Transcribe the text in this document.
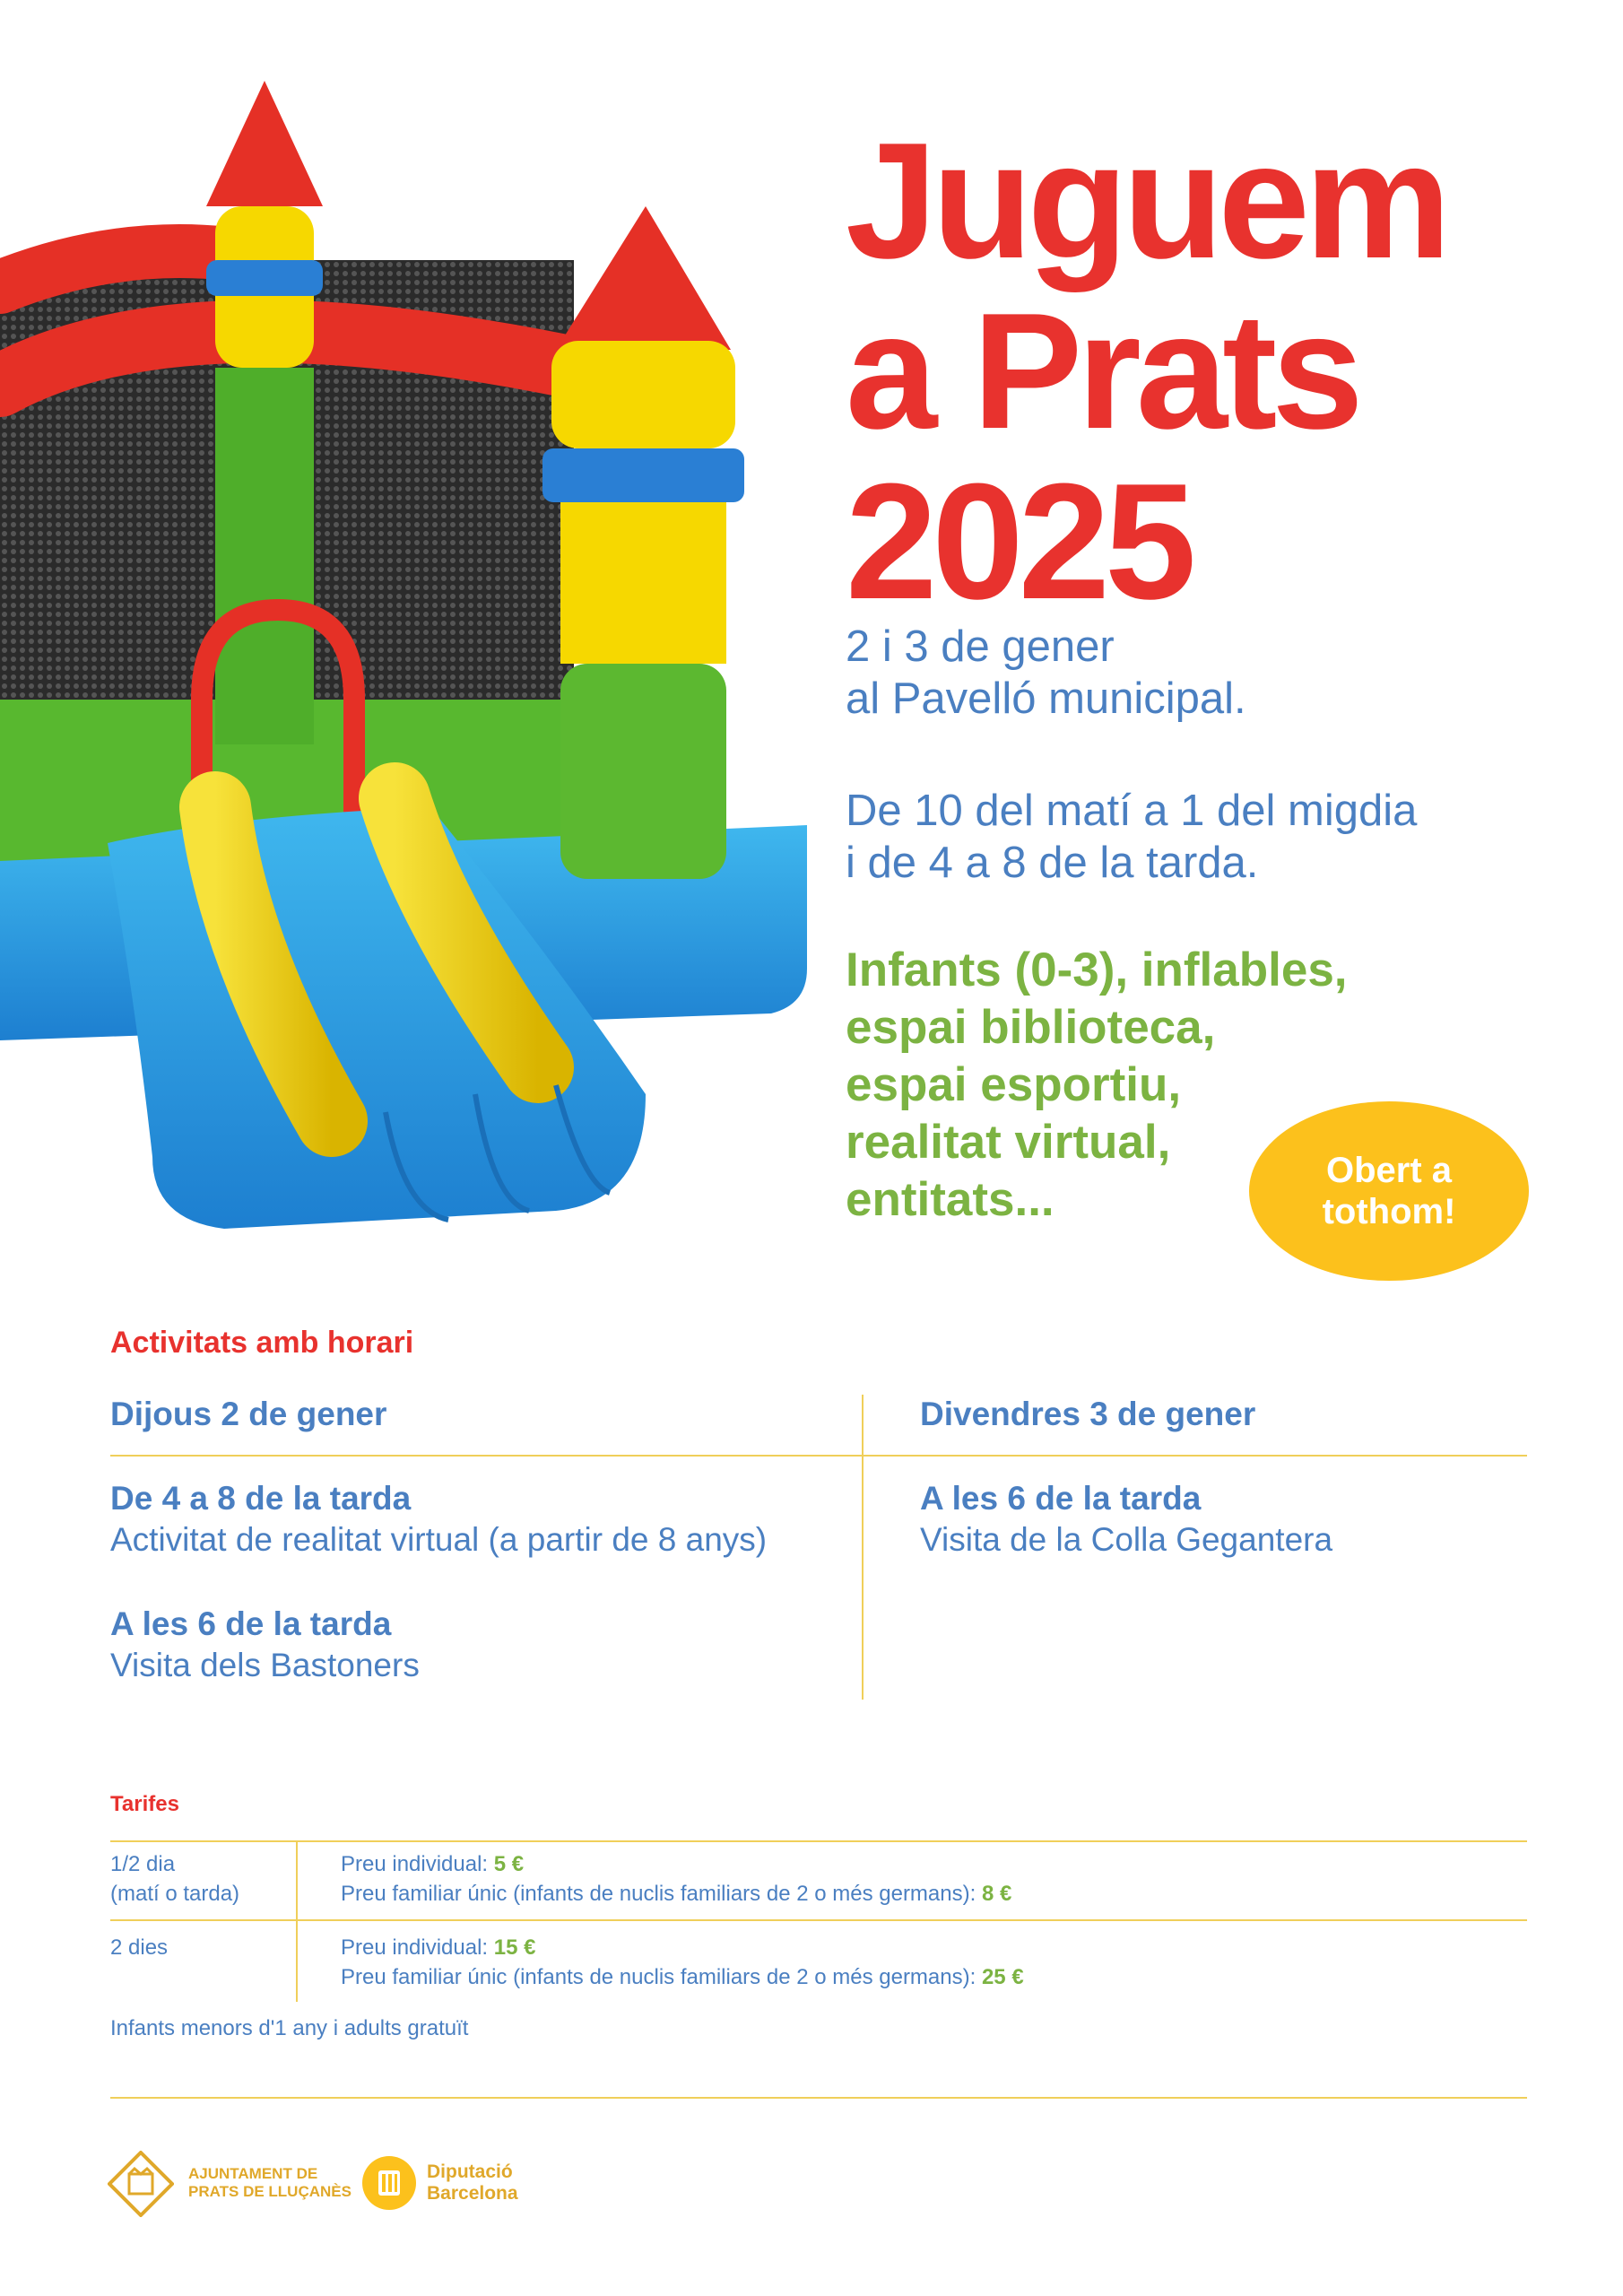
Juguem
a Prats
2025
2 i 3 de gener
al Pavelló municipal.
De 10 del matí a 1 del migdia
i de 4 a 8 de la tarda.
Infants (0-3), inflables,
espai biblioteca,
espai esportiu,
realitat virtual,
entitats...
Obert a
tothom!
Activitats amb horari
Dijous 2 de gener	Divendres 3 de gener
De 4 a 8 de la tarda
Activitat de realitat virtual (a partir de 8 anys)
A les 6 de la tarda
Visita dels Bastoners
A les 6 de la tarda
Visita de la Colla Gegantera
Tarifes
1/2 dia
(matí o tarda)
Preu individual: 5 €
Preu familiar únic (infants de nuclis familiars de 2 o més germans): 8 €
2 dies	Preu individual: 15 €
Preu familiar únic (infants de nuclis familiars de 2 o més germans): 25 €
Infants menors d'1 any i adults gratuït
AJUNTAMENT DE
PRATS DE LLUÇANÈS
Diputació
Barcelona
